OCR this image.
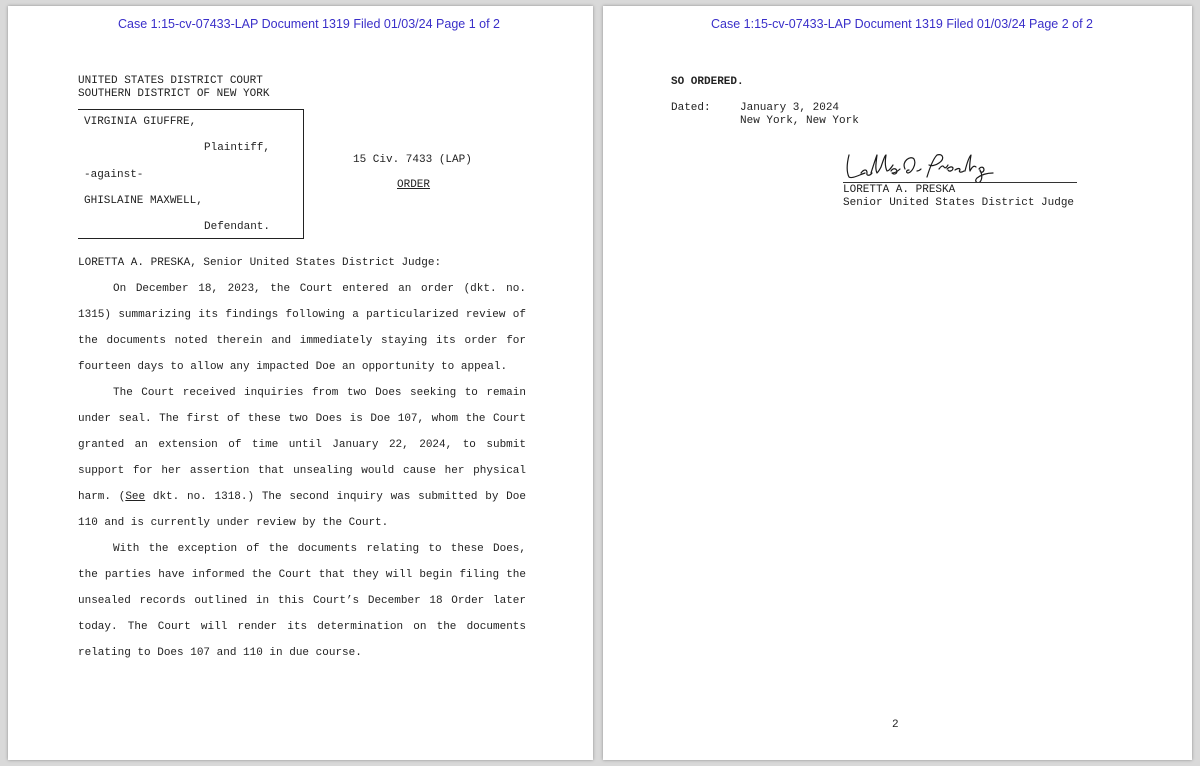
Case 1:15-cv-07433-LAP Document 1319 Filed 01/03/24 Page 1 of 2
UNITED STATES DISTRICT COURT
SOUTHERN DISTRICT OF NEW YORK
VIRGINIA GIUFFRE,
Plaintiff,
-against-
GHISLAINE MAXWELL,
Defendant.
15 Civ. 7433 (LAP)
ORDER

LORETTA A. PRESKA, Senior United States District Judge:

On December 18, 2023, the Court entered an order (dkt. no. 1315) summarizing its findings following a particularized review of the documents noted therein and immediately staying its order for fourteen days to allow any impacted Doe an opportunity to appeal.

The Court received inquiries from two Does seeking to remain under seal. The first of these two Does is Doe 107, whom the Court granted an extension of time until January 22, 2024, to submit support for her assertion that unsealing would cause her physical harm. (See dkt. no. 1318.) The second inquiry was submitted by Doe 110 and is currently under review by the Court.

With the exception of the documents relating to these Does, the parties have informed the Court that they will begin filing the unsealed records outlined in this Court’s December 18 Order later today. The Court will render its determination on the documents relating to Does 107 and 110 in due course.

Case 1:15-cv-07433-LAP Document 1319 Filed 01/03/24 Page 2 of 2
SO ORDERED.
Dated:	January 3, 2024
New York, New York
LORETTA A. PRESKA
Senior United States District Judge
2
